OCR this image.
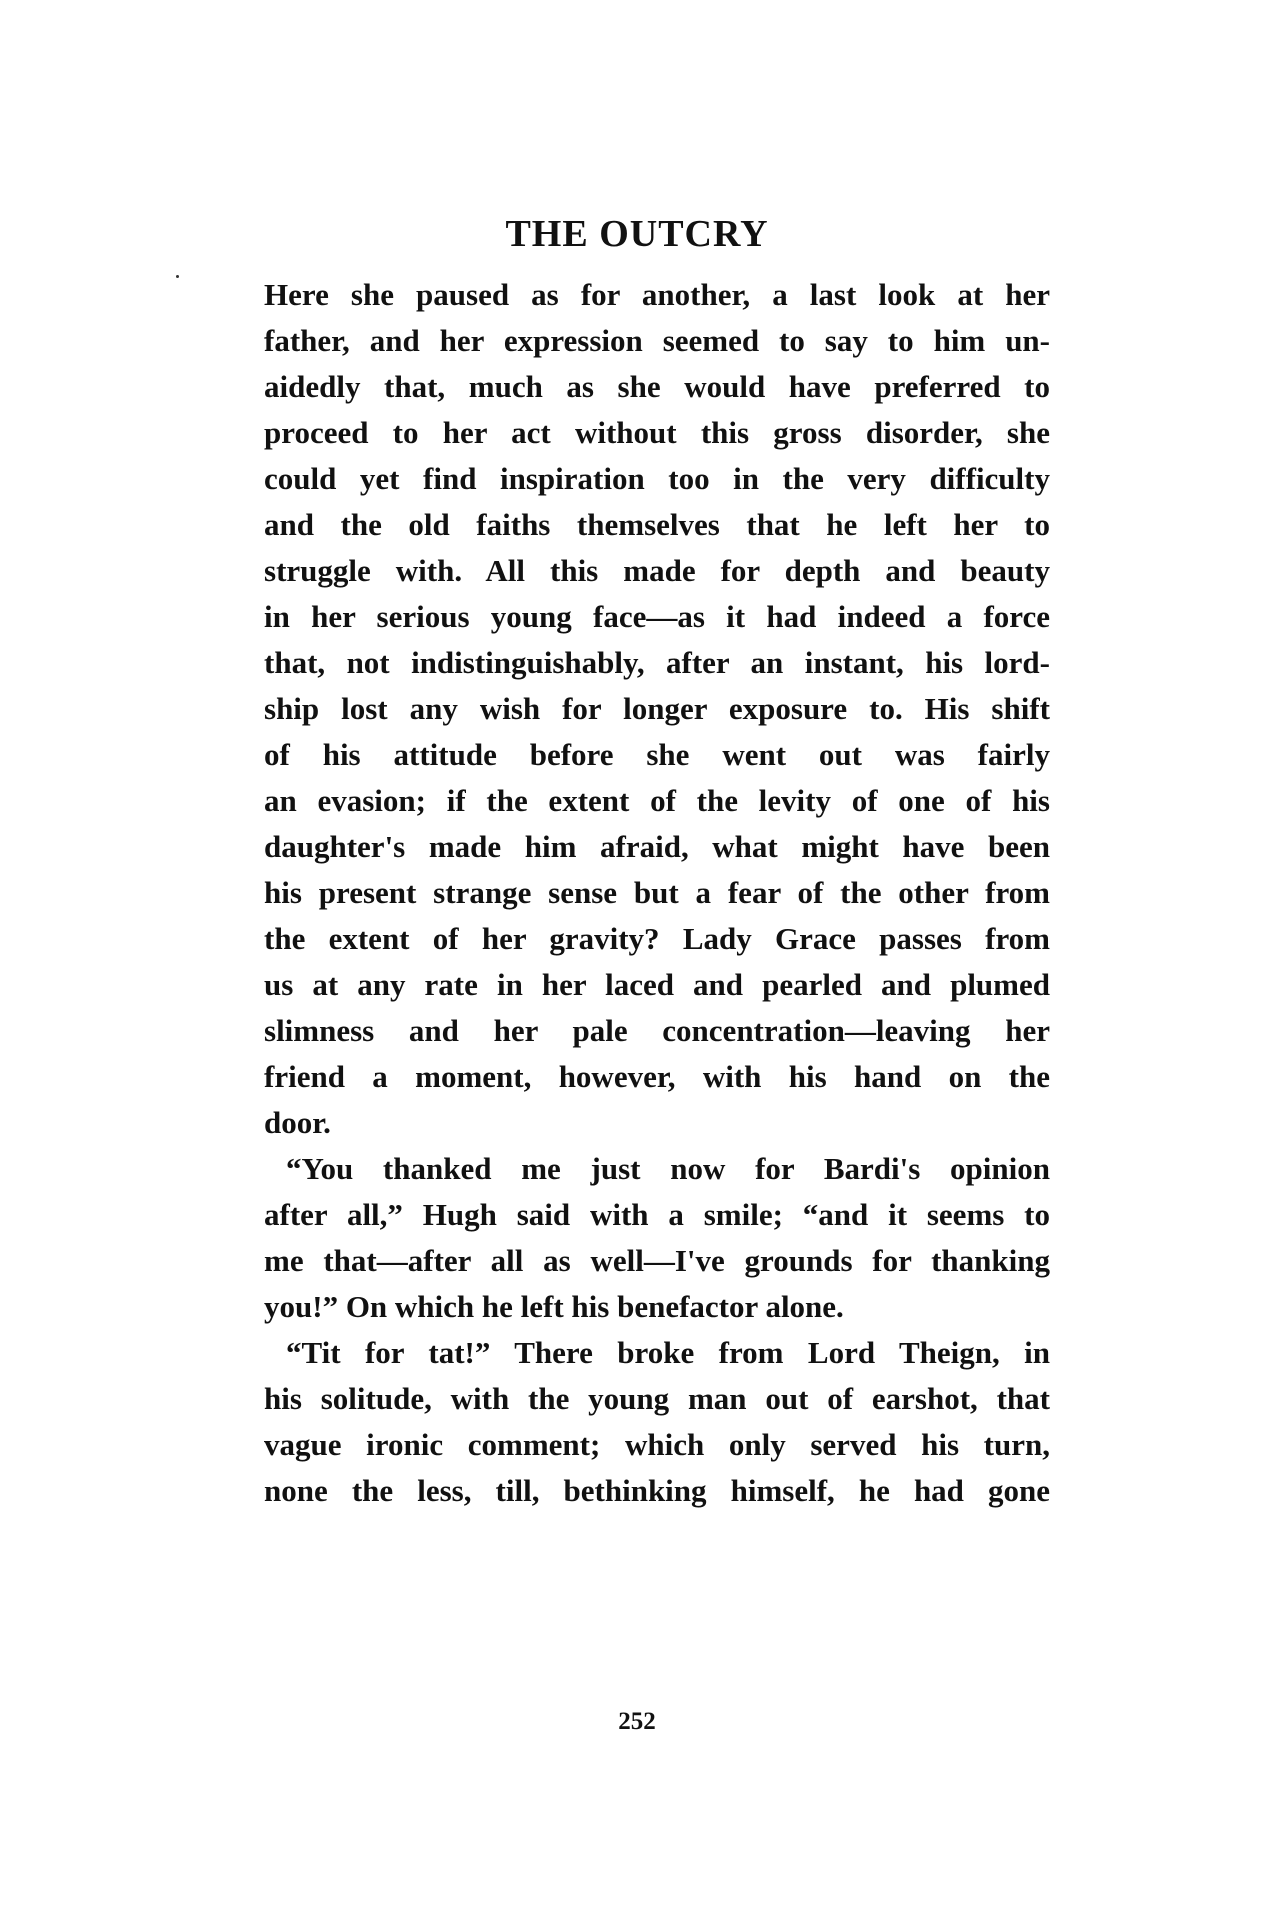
THE OUTCRY
Here she paused as for another, a last look at her
father, and her expression seemed to say to him un-
aidedly that, much as she would have preferred to
proceed to her act without this gross disorder, she
could yet find inspiration too in the very difficulty
and the old faiths themselves that he left her to
struggle with. All this made for depth and beauty
in her serious young face—as it had indeed a force
that, not indistinguishably, after an instant, his lord-
ship lost any wish for longer exposure to. His shift
of his attitude before she went out was fairly
an evasion; if the extent of the levity of one of his
daughter's made him afraid, what might have been
his present strange sense but a fear of the other from
the extent of her gravity? Lady Grace passes from
us at any rate in her laced and pearled and plumed
slimness and her pale concentration—leaving her
friend a moment, however, with his hand on the
door.
“You thanked me just now for Bardi's opinion
after all,” Hugh said with a smile; “and it seems to
me that—after all as well—I've grounds for thanking
you!” On which he left his benefactor alone.
“Tit for tat!” There broke from Lord Theign, in
his solitude, with the young man out of earshot, that
vague ironic comment; which only served his turn,
none the less, till, bethinking himself, he had gone
252
